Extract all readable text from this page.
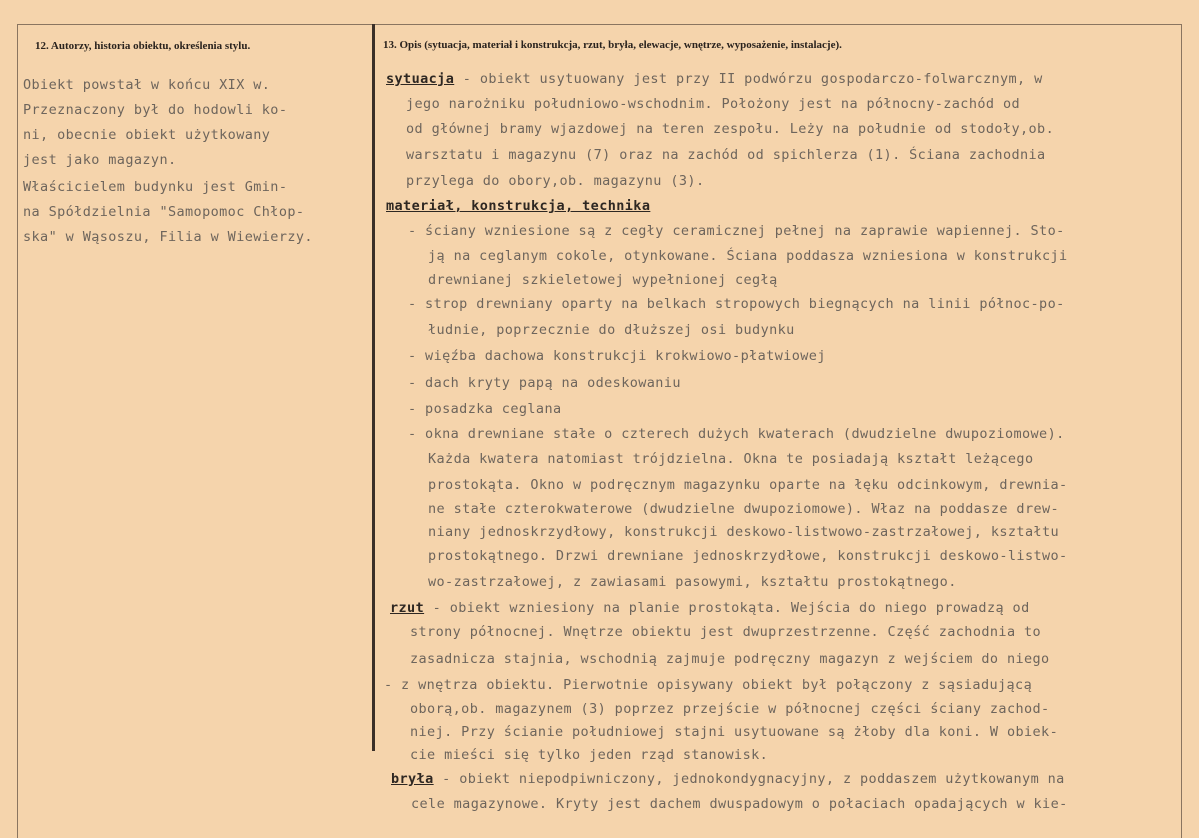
12. Autorzy, historia obiektu, określenia stylu.	13. Opis (sytuacja, materiał i konstrukcja, rzut, bryła, elewacje, wnętrze, wyposażenie, instalacje).
Obiekt powstał w końcu XIX w.
Przeznaczony był do hodowli ko-
ni, obecnie obiekt użytkowany
jest jako magazyn.
Właścicielem budynku jest Gmin-
na Spółdzielnia "Samopomoc Chłop-
ska" w Wąsoszu, Filia w Wiewierzy.
sytuacja - obiekt usytuowany jest przy II podwórzu gospodarczo-folwarcznym, w
jego narożniku południowo-wschodnim. Położony jest na północny-zachód od
od głównej bramy wjazdowej na teren zespołu. Leży na południe od stodoły,ob.
warsztatu i magazynu (7) oraz na zachód od spichlerza (1). Ściana zachodnia
przylega do obory,ob. magazynu (3).
materiał, konstrukcja, technika
- ściany wzniesione są z cegły ceramicznej pełnej na zaprawie wapiennej. Sto-
ją na ceglanym cokole, otynkowane. Ściana poddasza wzniesiona w konstrukcji
drewnianej szkieletowej wypełnionej cegłą
- strop drewniany oparty na belkach stropowych biegnących na linii północ-po-
łudnie, poprzecznie do dłuższej osi budynku
- więźba dachowa konstrukcji krokwiowo-płatwiowej
- dach kryty papą na odeskowaniu
- posadzka ceglana
- okna drewniane stałe o czterech dużych kwaterach (dwudzielne dwupoziomowe).
Każda kwatera natomiast trójdzielna. Okna te posiadają kształt leżącego
prostokąta. Okno w podręcznym magazynku oparte na łęku odcinkowym, drewnia-
ne stałe czterokwaterowe (dwudzielne dwupoziomowe). Właz na poddasze drew-
niany jednoskrzydłowy, konstrukcji deskowo-listwowo-zastrzałowej, kształtu
prostokątnego. Drzwi drewniane jednoskrzydłowe, konstrukcji deskowo-listwo-
wo-zastrzałowej, z zawiasami pasowymi, kształtu prostokątnego.
rzut - obiekt wzniesiony na planie prostokąta. Wejścia do niego prowadzą od
strony północnej. Wnętrze obiektu jest dwuprzestrzenne. Część zachodnia to
zasadnicza stajnia, wschodnią zajmuje podręczny magazyn z wejściem do niego
- z wnętrza obiektu. Pierwotnie opisywany obiekt był połączony z sąsiadującą
oborą,ob. magazynem (3) poprzez przejście w północnej części ściany zachod-
niej. Przy ścianie południowej stajni usytuowane są żłoby dla koni. W obiek-
cie mieści się tylko jeden rząd stanowisk.
bryła - obiekt niepodpiwniczony, jednokondygnacyjny, z poddaszem użytkowanym na
cele magazynowe. Kryty jest dachem dwuspadowym o połaciach opadających w kie-
